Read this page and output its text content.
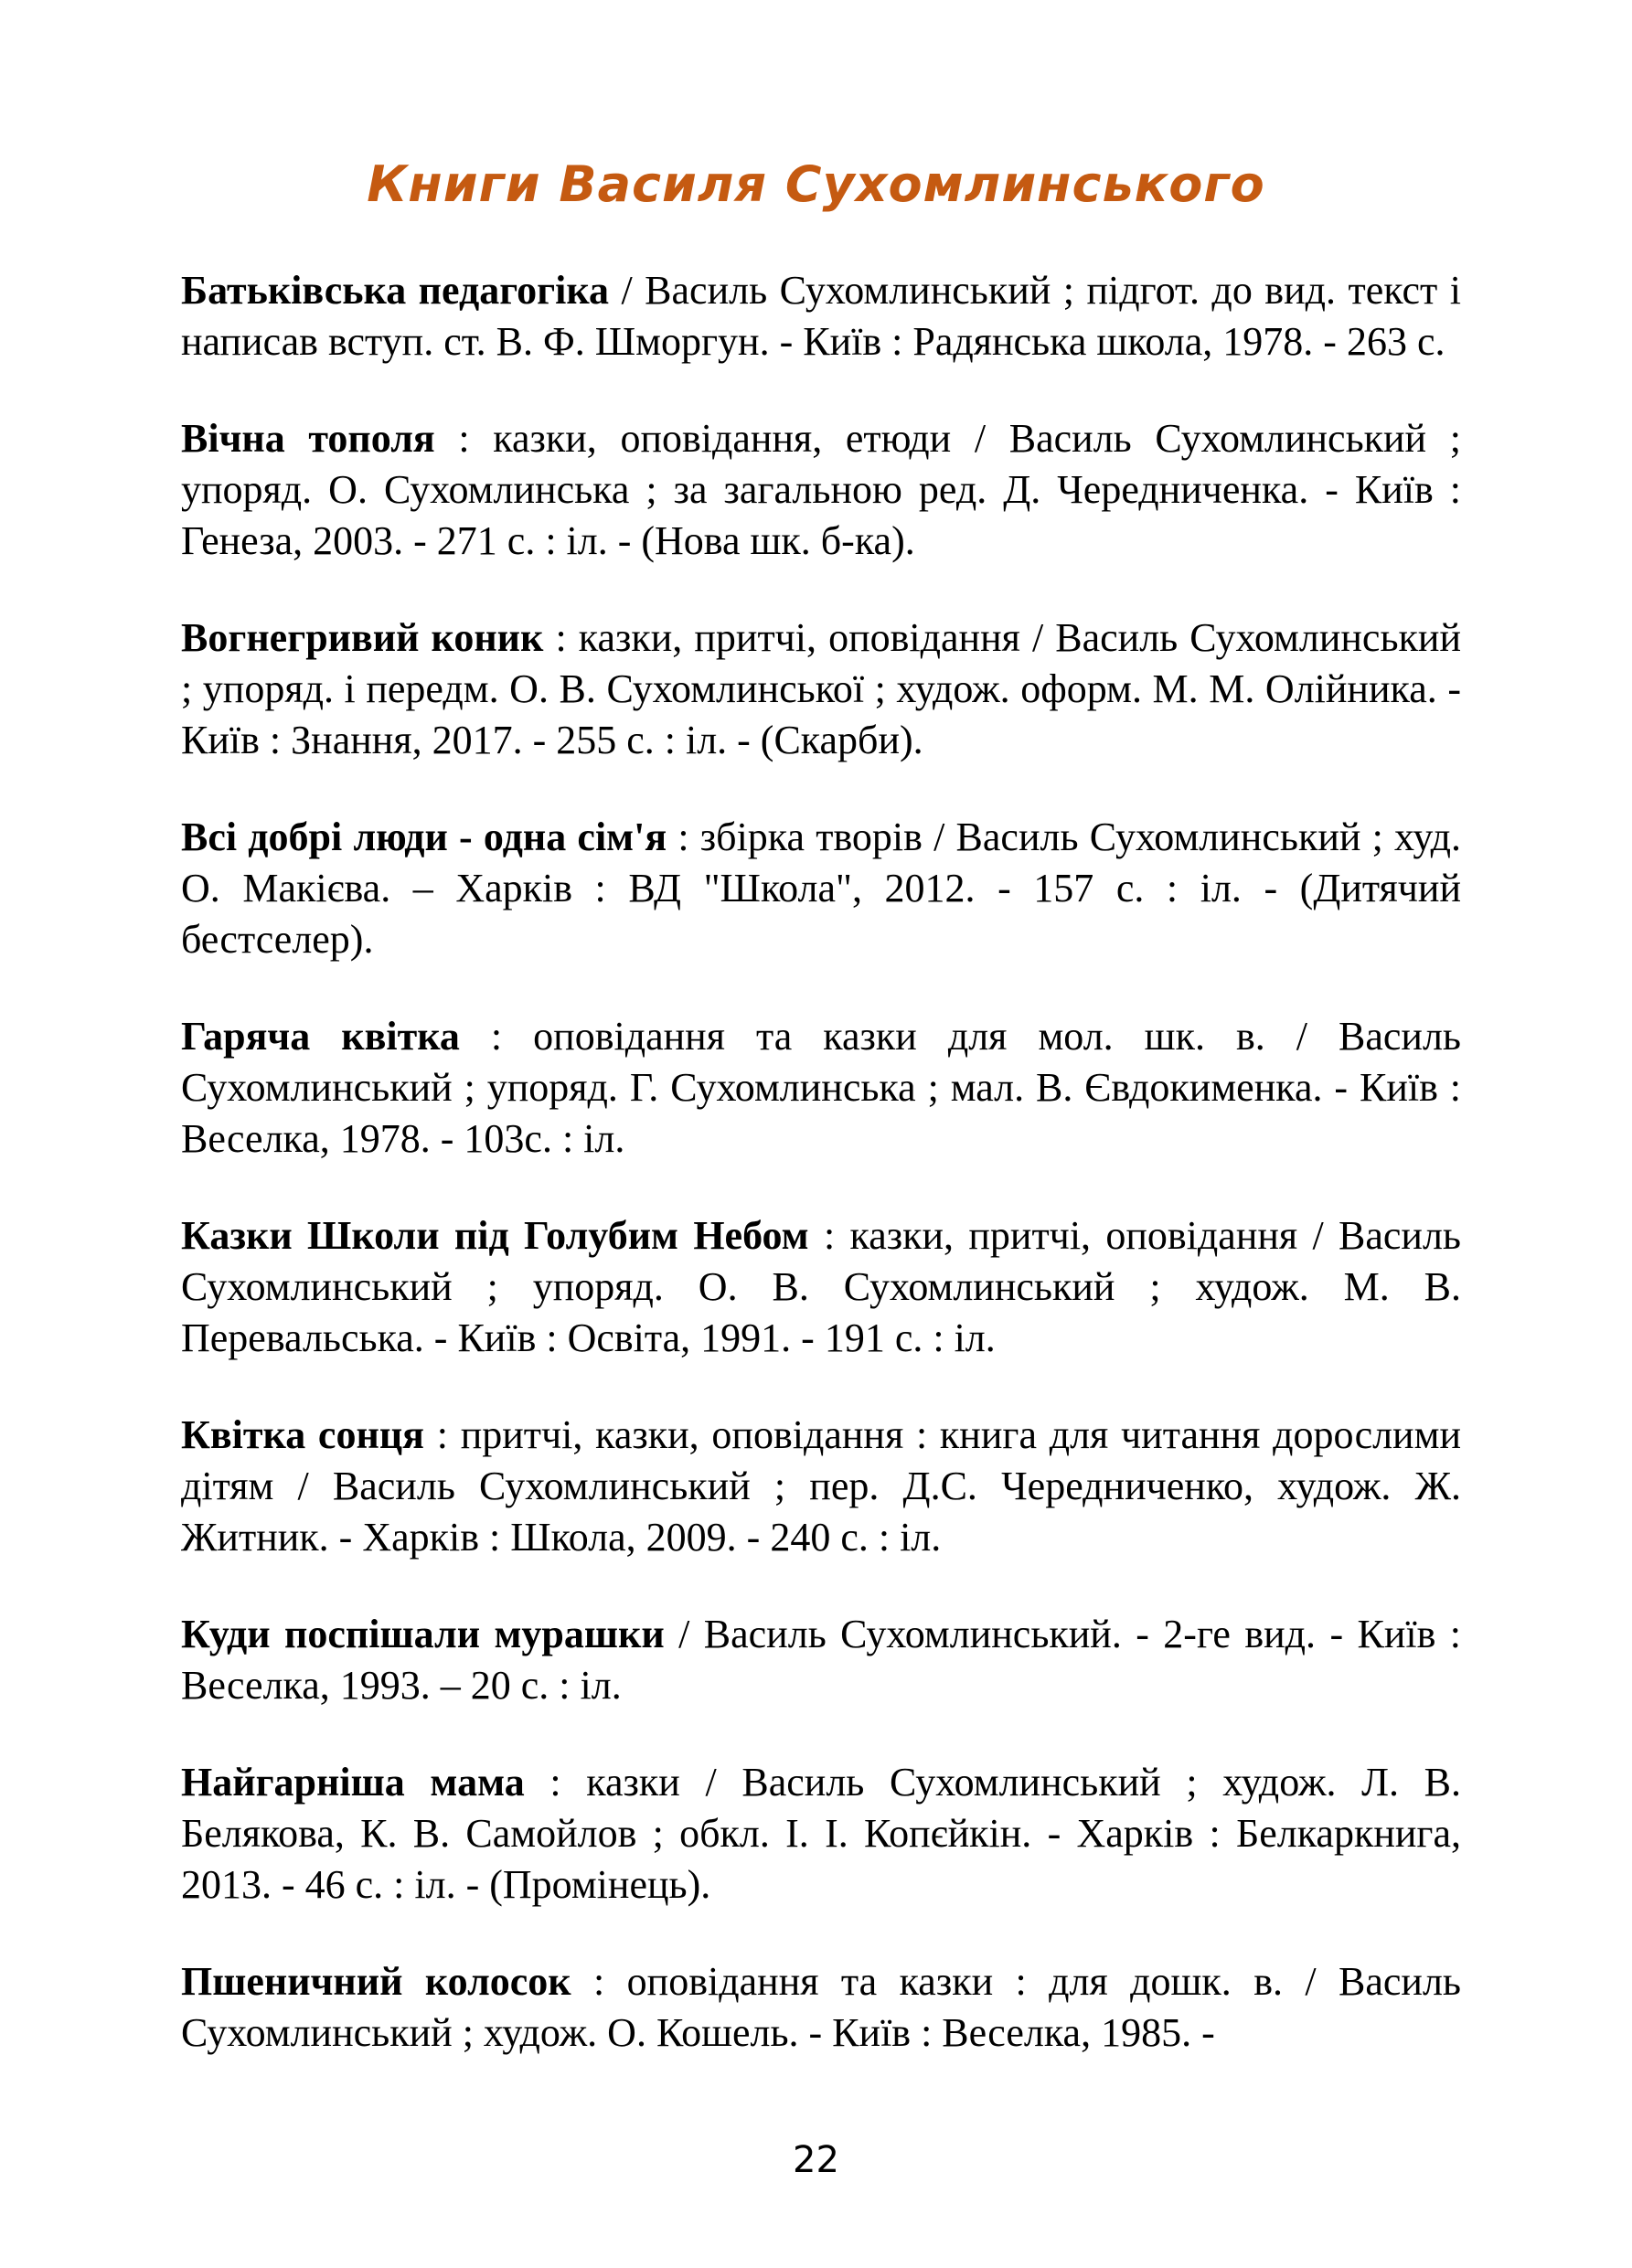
Книги Василя Сухомлинського

Батьківська педагогіка / Василь Сухомлинський ; підгот. до вид. текст і написав вступ. ст. В. Ф. Шморгун. - Київ : Радянська школа, 1978. - 263 с.

Вічна тополя : казки, оповідання, етюди / Василь Сухомлинський ; упоряд. О. Сухомлинська ; за загальною ред. Д. Чередниченка. - Київ : Генеза, 2003. - 271 с. : іл. - (Нова шк. б-ка).

Вогнегривий коник : казки, притчі, оповідання / Василь Сухомлинський ; упоряд. і передм. О. В. Сухомлинської ; худож. оформ. М. М. Олійника. - Київ : Знання, 2017. - 255 с. : іл. - (Скарби).

Всі добрі люди - одна сім'я : збірка творів / Василь Сухомлинський ; худ. О. Макієва. – Харків : ВД "Школа", 2012. - 157 с. : іл. - (Дитячий бестселер).

Гаряча квітка : оповідання та казки для мол. шк. в. / Василь Сухомлинський ; упоряд. Г. Сухомлинська ; мал. В. Євдокименка. - Київ : Веселка, 1978. - 103с. : іл.

Казки Школи під Голубим Небом : казки, притчі, оповідання / Василь Сухомлинський ; упоряд. О. В. Сухомлинський ; худож. М. В. Перевальська. - Київ : Освіта, 1991. - 191 с. : іл.

Квітка сонця : притчі, казки, оповідання : книга для читання дорослими дітям / Василь Сухомлинський ; пер. Д.С. Чередниченко, худож. Ж. Житник. - Харків : Школа, 2009. - 240 с. : іл.

Куди поспішали мурашки / Василь Сухомлинський. - 2-ге вид. - Київ : Веселка, 1993. – 20 с. : іл.

Найгарніша мама : казки / Василь Сухомлинський ; худож. Л. В. Белякова, К. В. Самойлов ; обкл. І. І. Копєйкін. - Харків : Белкаркнига, 2013. - 46 с. : іл. - (Промінець).

Пшеничний колосок : оповідання та казки : для дошк. в. / Василь Сухомлинський ; худож. О. Кошель. - Київ : Веселка, 1985. -

22
